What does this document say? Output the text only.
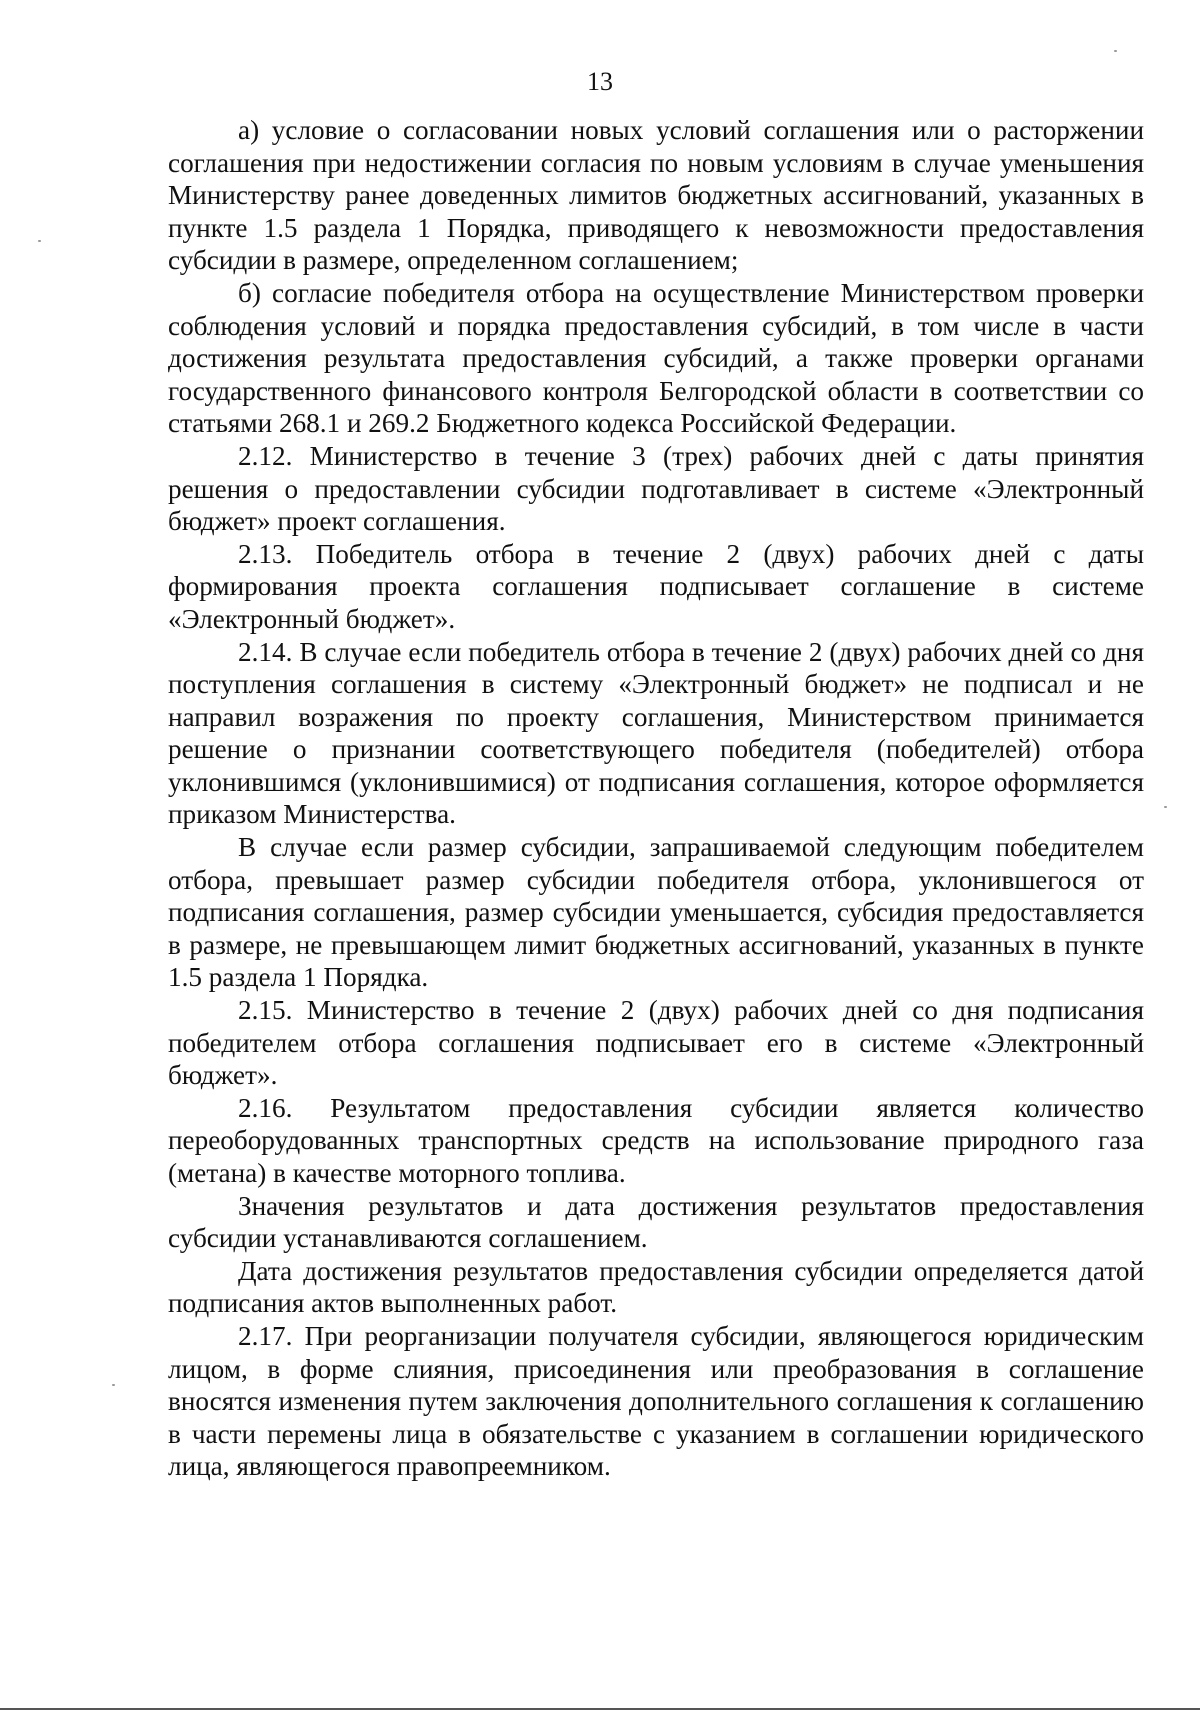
13

а) условие о согласовании новых условий соглашения или о расторжении соглашения при недостижении согласия по новым условиям в случае уменьшения Министерству ранее доведенных лимитов бюджетных ассигнований, указанных в пункте 1.5 раздела 1 Порядка, приводящего к невозможности предоставления субсидии в размере, определенном соглашением;

б) согласие победителя отбора на осуществление Министерством проверки соблюдения условий и порядка предоставления субсидий, в том числе в части достижения результата предоставления субсидий, а также проверки органами государственного финансового контроля Белгородской области в соответствии со статьями 268.1 и 269.2 Бюджетного кодекса Российской Федерации.

2.12. Министерство в течение 3 (трех) рабочих дней с даты принятия решения о предоставлении субсидии подготавливает в системе «Электронный бюджет» проект соглашения.

2.13. Победитель отбора в течение 2 (двух) рабочих дней с даты формирования проекта соглашения подписывает соглашение в системе «Электронный бюджет».

2.14. В случае если победитель отбора в течение 2 (двух) рабочих дней со дня поступления соглашения в систему «Электронный бюджет» не подписал и не направил возражения по проекту соглашения, Министерством принимается решение о признании соответствующего победителя (победителей) отбора уклонившимся (уклонившимися) от подписания соглашения, которое оформляется приказом Министерства.

В случае если размер субсидии, запрашиваемой следующим победителем отбора, превышает размер субсидии победителя отбора, уклонившегося от подписания соглашения, размер субсидии уменьшается, субсидия предоставляется в размере, не превышающем лимит бюджетных ассигнований, указанных в пункте 1.5 раздела 1 Порядка.

2.15. Министерство в течение 2 (двух) рабочих дней со дня подписания победителем отбора соглашения подписывает его в системе «Электронный бюджет».

2.16. Результатом предоставления субсидии является количество переоборудованных транспортных средств на использование природного газа (метана) в качестве моторного топлива.

Значения результатов и дата достижения результатов предоставления субсидии устанавливаются соглашением.

Дата достижения результатов предоставления субсидии определяется датой подписания актов выполненных работ.

2.17. При реорганизации получателя субсидии, являющегося юридическим лицом, в форме слияния, присоединения или преобразования в соглашение вносятся изменения путем заключения дополнительного соглашения к соглашению в части перемены лица в обязательстве с указанием в соглашении юридического лица, являющегося правопреемником.
